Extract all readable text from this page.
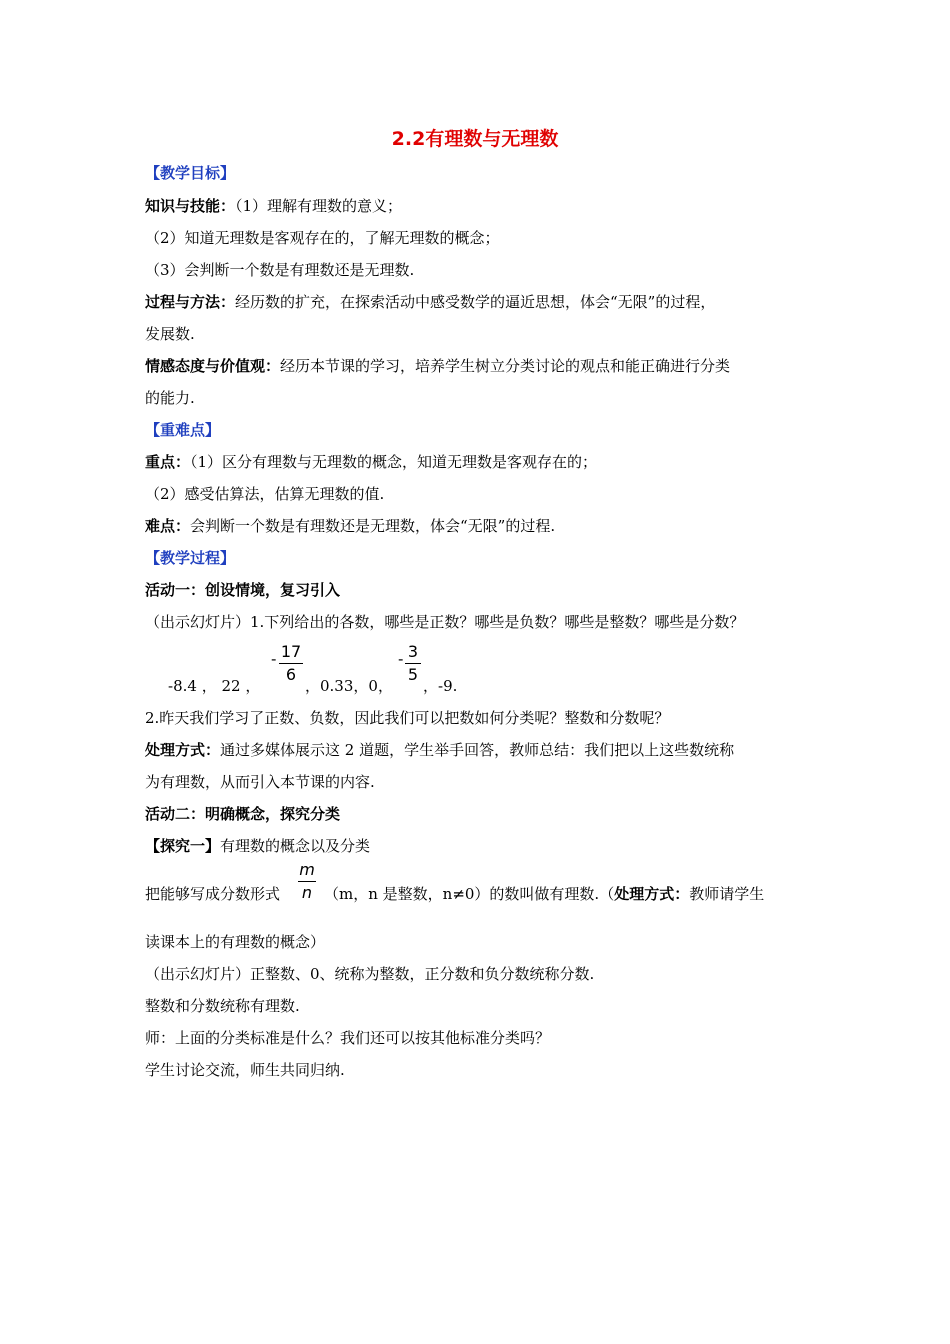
2.2有理数与无理数
【教学目标】
知识与技能：（1）理解有理数的意义；
（2）知道无理数是客观存在的，了解无理数的概念；
（3）会判断一个数是有理数还是无理数.
过程与方法：经历数的扩充，在探索活动中感受数学的逼近思想，体会“无限”的过程，
发展数.
情感态度与价值观：经历本节课的学习，培养学生树立分类讨论的观点和能正确进行分类
的能力.
【重难点】
重点：（1）区分有理数与无理数的概念，知道无理数是客观存在的；
（2）感受估算法，估算无理数的值.
难点：会判断一个数是有理数还是无理数，体会“无限”的过程.
【教学过程】
活动一：创设情境，复习引入
（出示幻灯片）1.下列给出的各数，哪些是正数？哪些是负数？哪些是整数？哪些是分数？
-8.4 ， 22 ，
- 17
6
，0.33，0，
- 3
5
，-9.
2.昨天我们学习了正数、负数，因此我们可以把数如何分类呢？整数和分数呢？
处理方式：通过多媒体展示这 2 道题，学生举手回答，教师总结：我们把以上这些数统称
为有理数，从而引入本节课的内容.
活动二：明确概念，探究分类
【探究一】有理数的概念以及分类
把能够写成分数形式
m
n （m，n 是整数，n≠0）的数叫做有理数.（处理方式：教师请学生
读课本上的有理数的概念）
（出示幻灯片）正整数、0、统称为整数，正分数和负分数统称分数.
整数和分数统称有理数.
师：上面的分类标准是什么？我们还可以按其他标准分类吗？
学生讨论交流，师生共同归纳.
